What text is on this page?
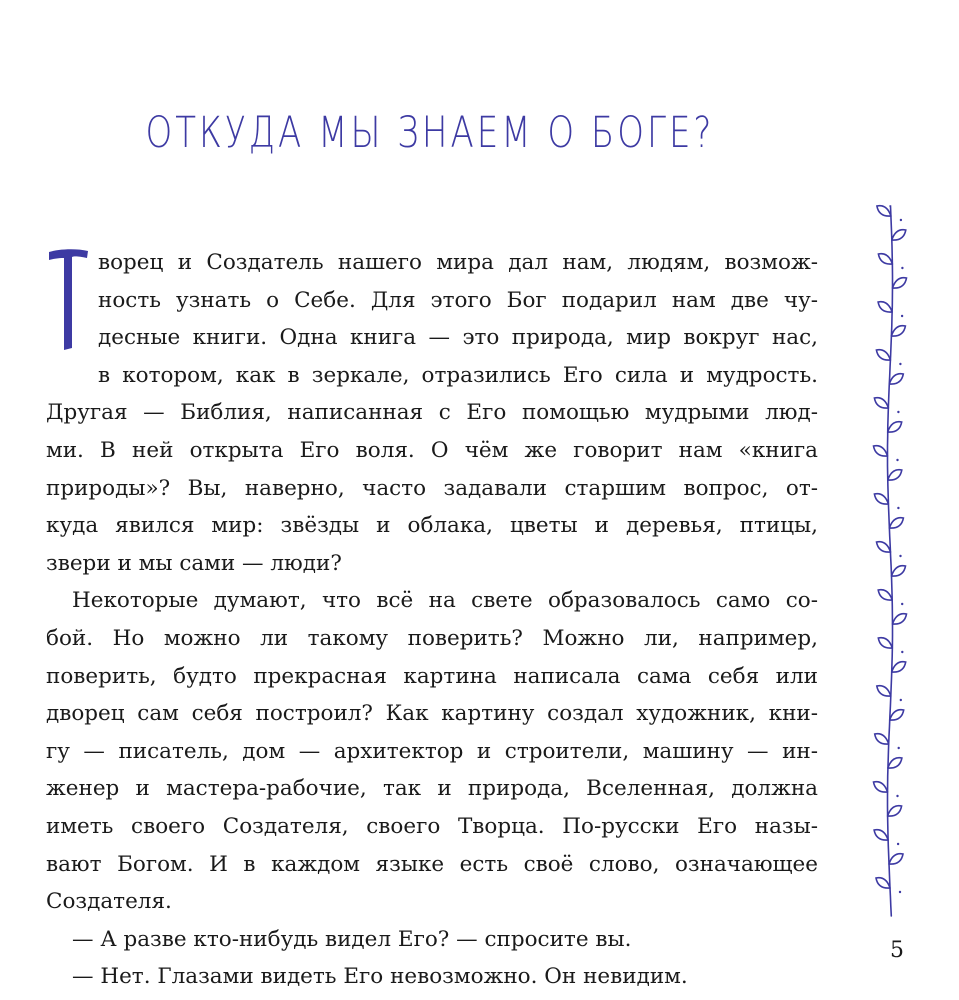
ОТКУДА МЫ ЗНАЕМ О БОГЕ?
ворец и Создатель нашего мира дал нам, людям, возмож-
ность узнать о Себе. Для этого Бог подарил нам две чу-
десные книги. Одна книга — это природа, мир вокруг нас,
в котором, как в зеркале, отразились Его сила и мудрость.
Другая — Библия, написанная с Его помощью мудрыми люд-
ми. В ней открыта Его воля. О чём же говорит нам «книга
природы»? Вы, наверно, часто задавали старшим вопрос, от-
куда явился мир: звёзды и облака, цветы и деревья, птицы,
звери и мы сами — люди?
Некоторые думают, что всё на свете образовалось само со-
бой. Но можно ли такому поверить? Можно ли, например,
поверить, будто прекрасная картина написала сама себя или
дворец сам себя построил? Как картину создал художник, кни-
гу — писатель, дом — архитектор и строители, машину — ин-
женер и мастера-рабочие, так и природа, Вселенная, должна
иметь своего Создателя, своего Творца. По-русски Его назы-
вают Богом. И в каждом языке есть своё слово, означающее
Создателя.
— А разве кто-нибудь видел Его? — спросите вы.
— Нет. Глазами видеть Его невозможно. Он невидим.
5
